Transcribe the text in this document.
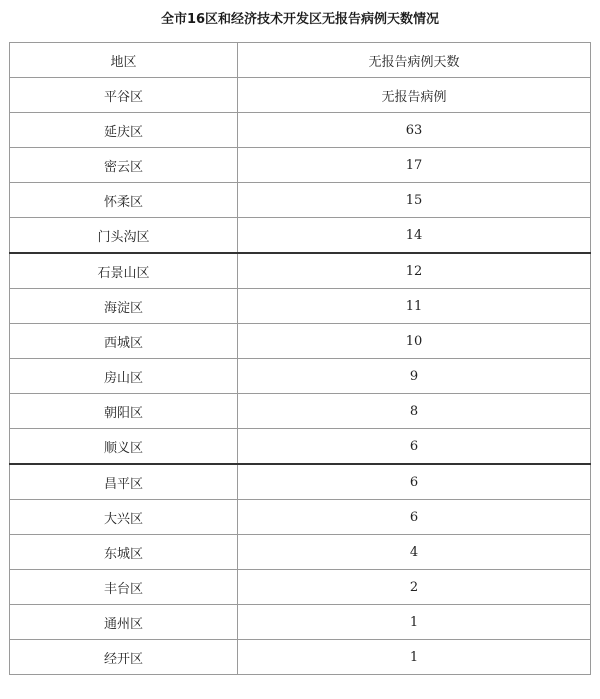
全市16区和经济技术开发区无报告病例天数情况
地区	无报告病例天数
平谷区	无报告病例
延庆区	63
密云区	17
怀柔区	15
门头沟区	14
石景山区	12
海淀区	11
西城区	10
房山区	9
朝阳区	8
顺义区	6
昌平区	6
大兴区	6
东城区	4
丰台区	2
通州区	1
经开区	1
